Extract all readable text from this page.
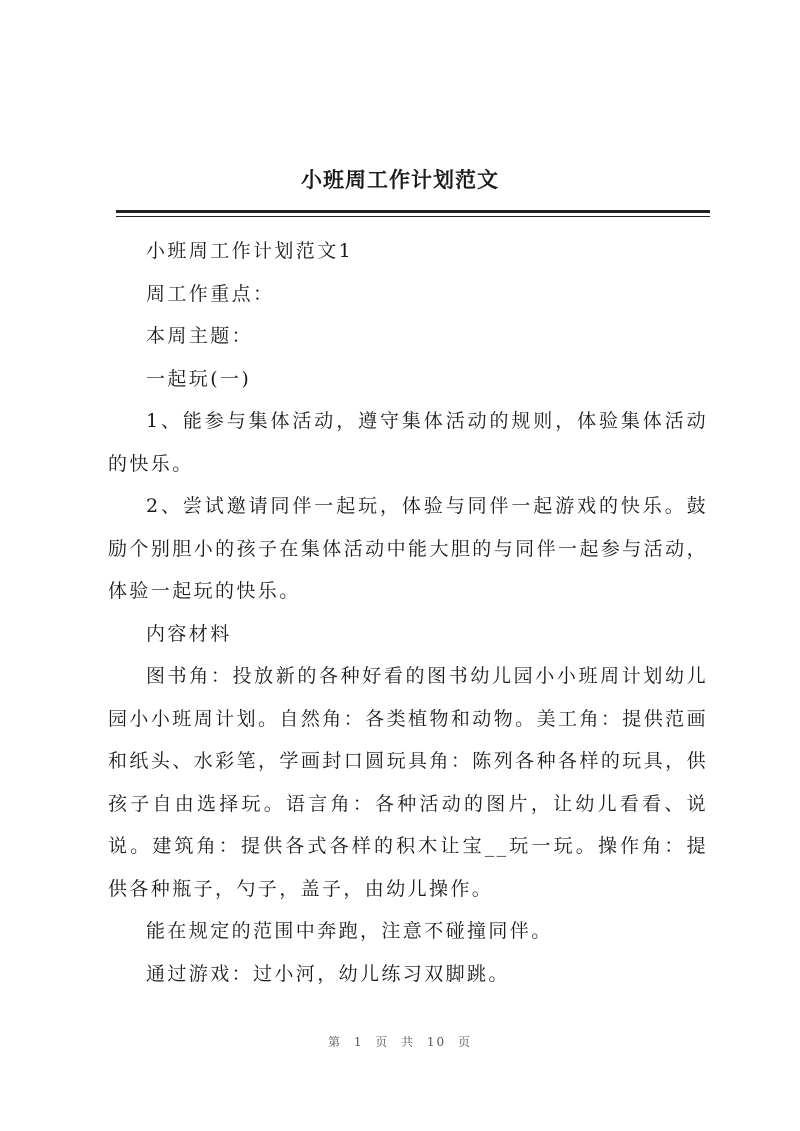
小班周工作计划范文

小班周工作计划范文1

周工作重点：

本周主题：

一起玩(一)

1、能参与集体活动，遵守集体活动的规则，体验集体活动的快乐。

2、尝试邀请同伴一起玩，体验与同伴一起游戏的快乐。鼓励个别胆小的孩子在集体活动中能大胆的与同伴一起参与活动，体验一起玩的快乐。

内容材料

图书角：投放新的各种好看的图书幼儿园小小班周计划幼儿园小小班周计划。自然角：各类植物和动物。美工角：提供范画和纸头、水彩笔，学画封口圆玩具角：陈列各种各样的玩具，供孩子自由选择玩。语言角：各种活动的图片，让幼儿看看、说说。建筑角：提供各式各样的积木让宝__玩一玩。操作角：提供各种瓶子，勺子，盖子，由幼儿操作。

能在规定的范围中奔跑，注意不碰撞同伴。

通过游戏：过小河，幼儿练习双脚跳。

第 1 页 共 10 页
